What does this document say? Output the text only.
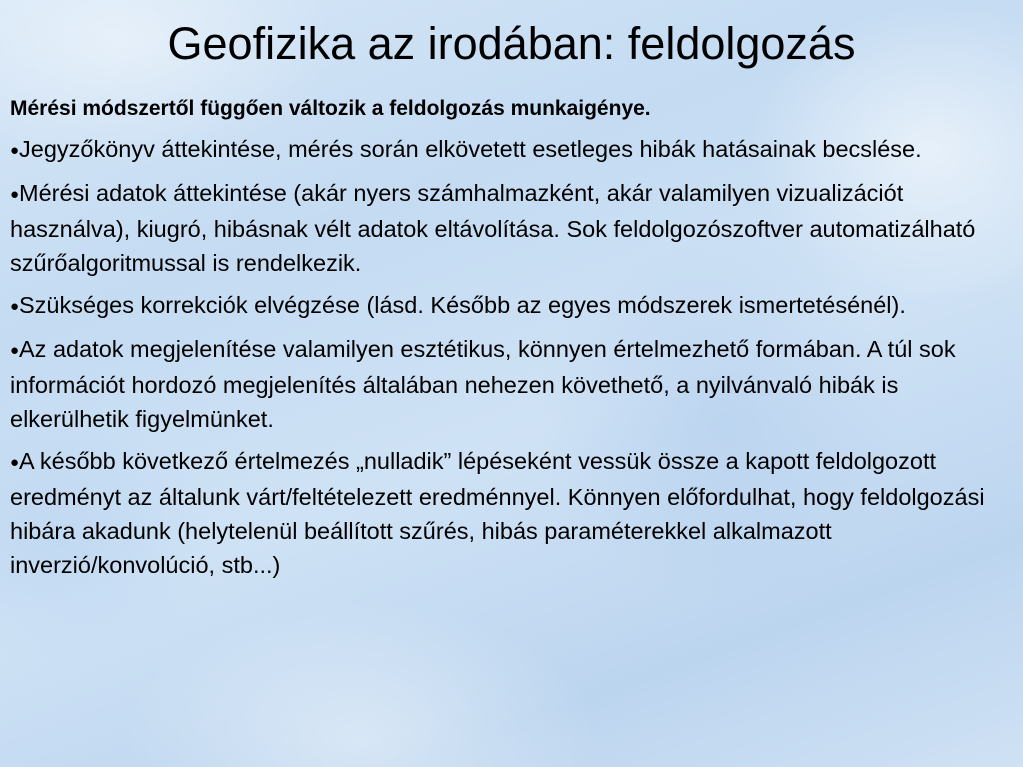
Geofizika az irodában: feldolgozás

Mérési módszertől függően változik a feldolgozás munkaigénye.

●Jegyzőkönyv áttekintése, mérés során elkövetett esetleges hibák hatásainak becslése.
●Mérési adatok áttekintése (akár nyers számhalmazként, akár valamilyen vizualizációt használva), kiugró, hibásnak vélt adatok eltávolítása. Sok feldolgozószoftver automatizálható szűrőalgoritmussal is rendelkezik.
●Szükséges korrekciók elvégzése (lásd. Később az egyes módszerek ismertetésénél).
●Az adatok megjelenítése valamilyen esztétikus, könnyen értelmezhető formában. A túl sok információt hordozó megjelenítés általában nehezen követhető, a nyilvánvaló hibák is elkerülhetik figyelmünket.
●A később következő értelmezés „nulladik” lépéseként vessük össze a kapott feldolgozott eredményt az általunk várt/feltételezett eredménnyel. Könnyen előfordulhat, hogy feldolgozási hibára akadunk (helytelenül beállított szűrés, hibás paraméterekkel alkalmazott inverzió/konvolúció, stb...)
